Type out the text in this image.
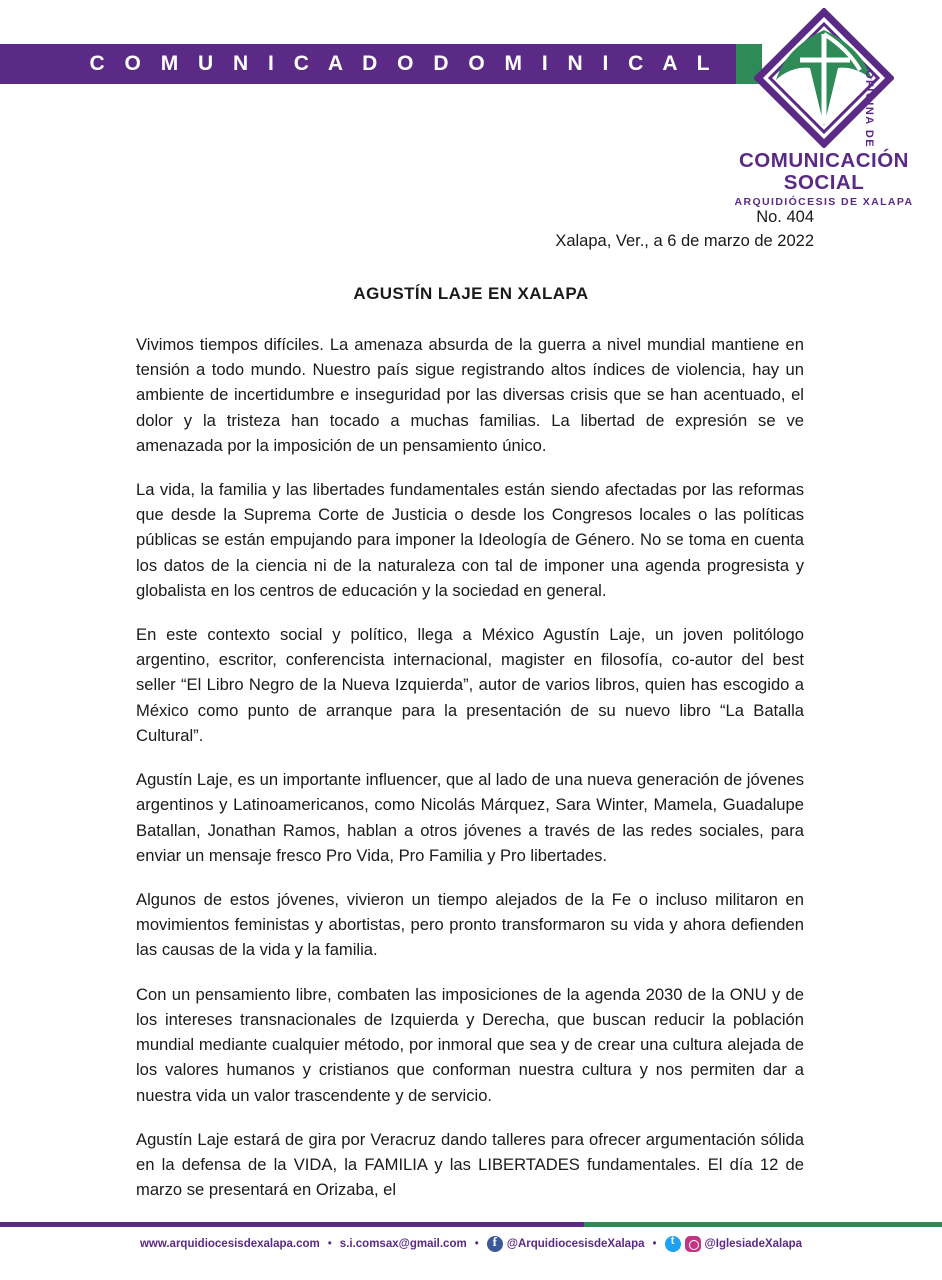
C O M U N I C A D O D O M I N I C A L
OFICINA DE
COMUNICACIÓN SOCIAL
ARQUIDIÓCESIS DE XALAPA
No. 404
Xalapa, Ver., a 6 de marzo de 2022
AGUSTÍN LAJE EN XALAPA

Vivimos tiempos difíciles. La amenaza absurda de la guerra a nivel mundial mantiene en tensión a todo mundo. Nuestro país sigue registrando altos índices de violencia, hay un ambiente de incertidumbre e inseguridad por las diversas crisis que se han acentuado, el dolor y la tristeza han tocado a muchas familias. La libertad de expresión se ve amenazada por la imposición de un pensamiento único.

La vida, la familia y las libertades fundamentales están siendo afectadas por las reformas que desde la Suprema Corte de Justicia o desde los Congresos locales o las políticas públicas se están empujando para imponer la Ideología de Género. No se toma en cuenta los datos de la ciencia ni de la naturaleza con tal de imponer una agenda progresista y globalista en los centros de educación y la sociedad en general.

En este contexto social y político, llega a México Agustín Laje, un joven politólogo argentino, escritor, conferencista internacional, magister en filosofía, co-autor del best seller “El Libro Negro de la Nueva Izquierda”, autor de varios libros, quien has escogido a México como punto de arranque para la presentación de su nuevo libro “La Batalla Cultural”.

Agustín Laje, es un importante influencer, que al lado de una nueva generación de jóvenes argentinos y Latinoamericanos, como Nicolás Márquez, Sara Winter, Mamela, Guadalupe Batallan, Jonathan Ramos, hablan a otros jóvenes a través de las redes sociales, para enviar un mensaje fresco Pro Vida, Pro Familia y Pro libertades.

Algunos de estos jóvenes, vivieron un tiempo alejados de la Fe o incluso militaron en movimientos feministas y abortistas, pero pronto transformaron su vida y ahora defienden las causas de la vida y la familia.

Con un pensamiento libre, combaten las imposiciones de la agenda 2030 de la ONU y de los intereses transnacionales de Izquierda y Derecha, que buscan reducir la población mundial mediante cualquier método, por inmoral que sea y de crear una cultura alejada de los valores humanos y cristianos que conforman nuestra cultura y nos permiten dar a nuestra vida un valor trascendente y de servicio.

Agustín Laje estará de gira por Veracruz dando talleres para ofrecer argumentación sólida en la defensa de la VIDA, la FAMILIA y las LIBERTADES fundamentales. El día 12 de marzo se presentará en Orizaba, el

www.arquidiocesisdexalapa.com • s.i.comsax@gmail.com • f @ArquidiocesisdeXalapa • t	@IglesiadeXalapa
